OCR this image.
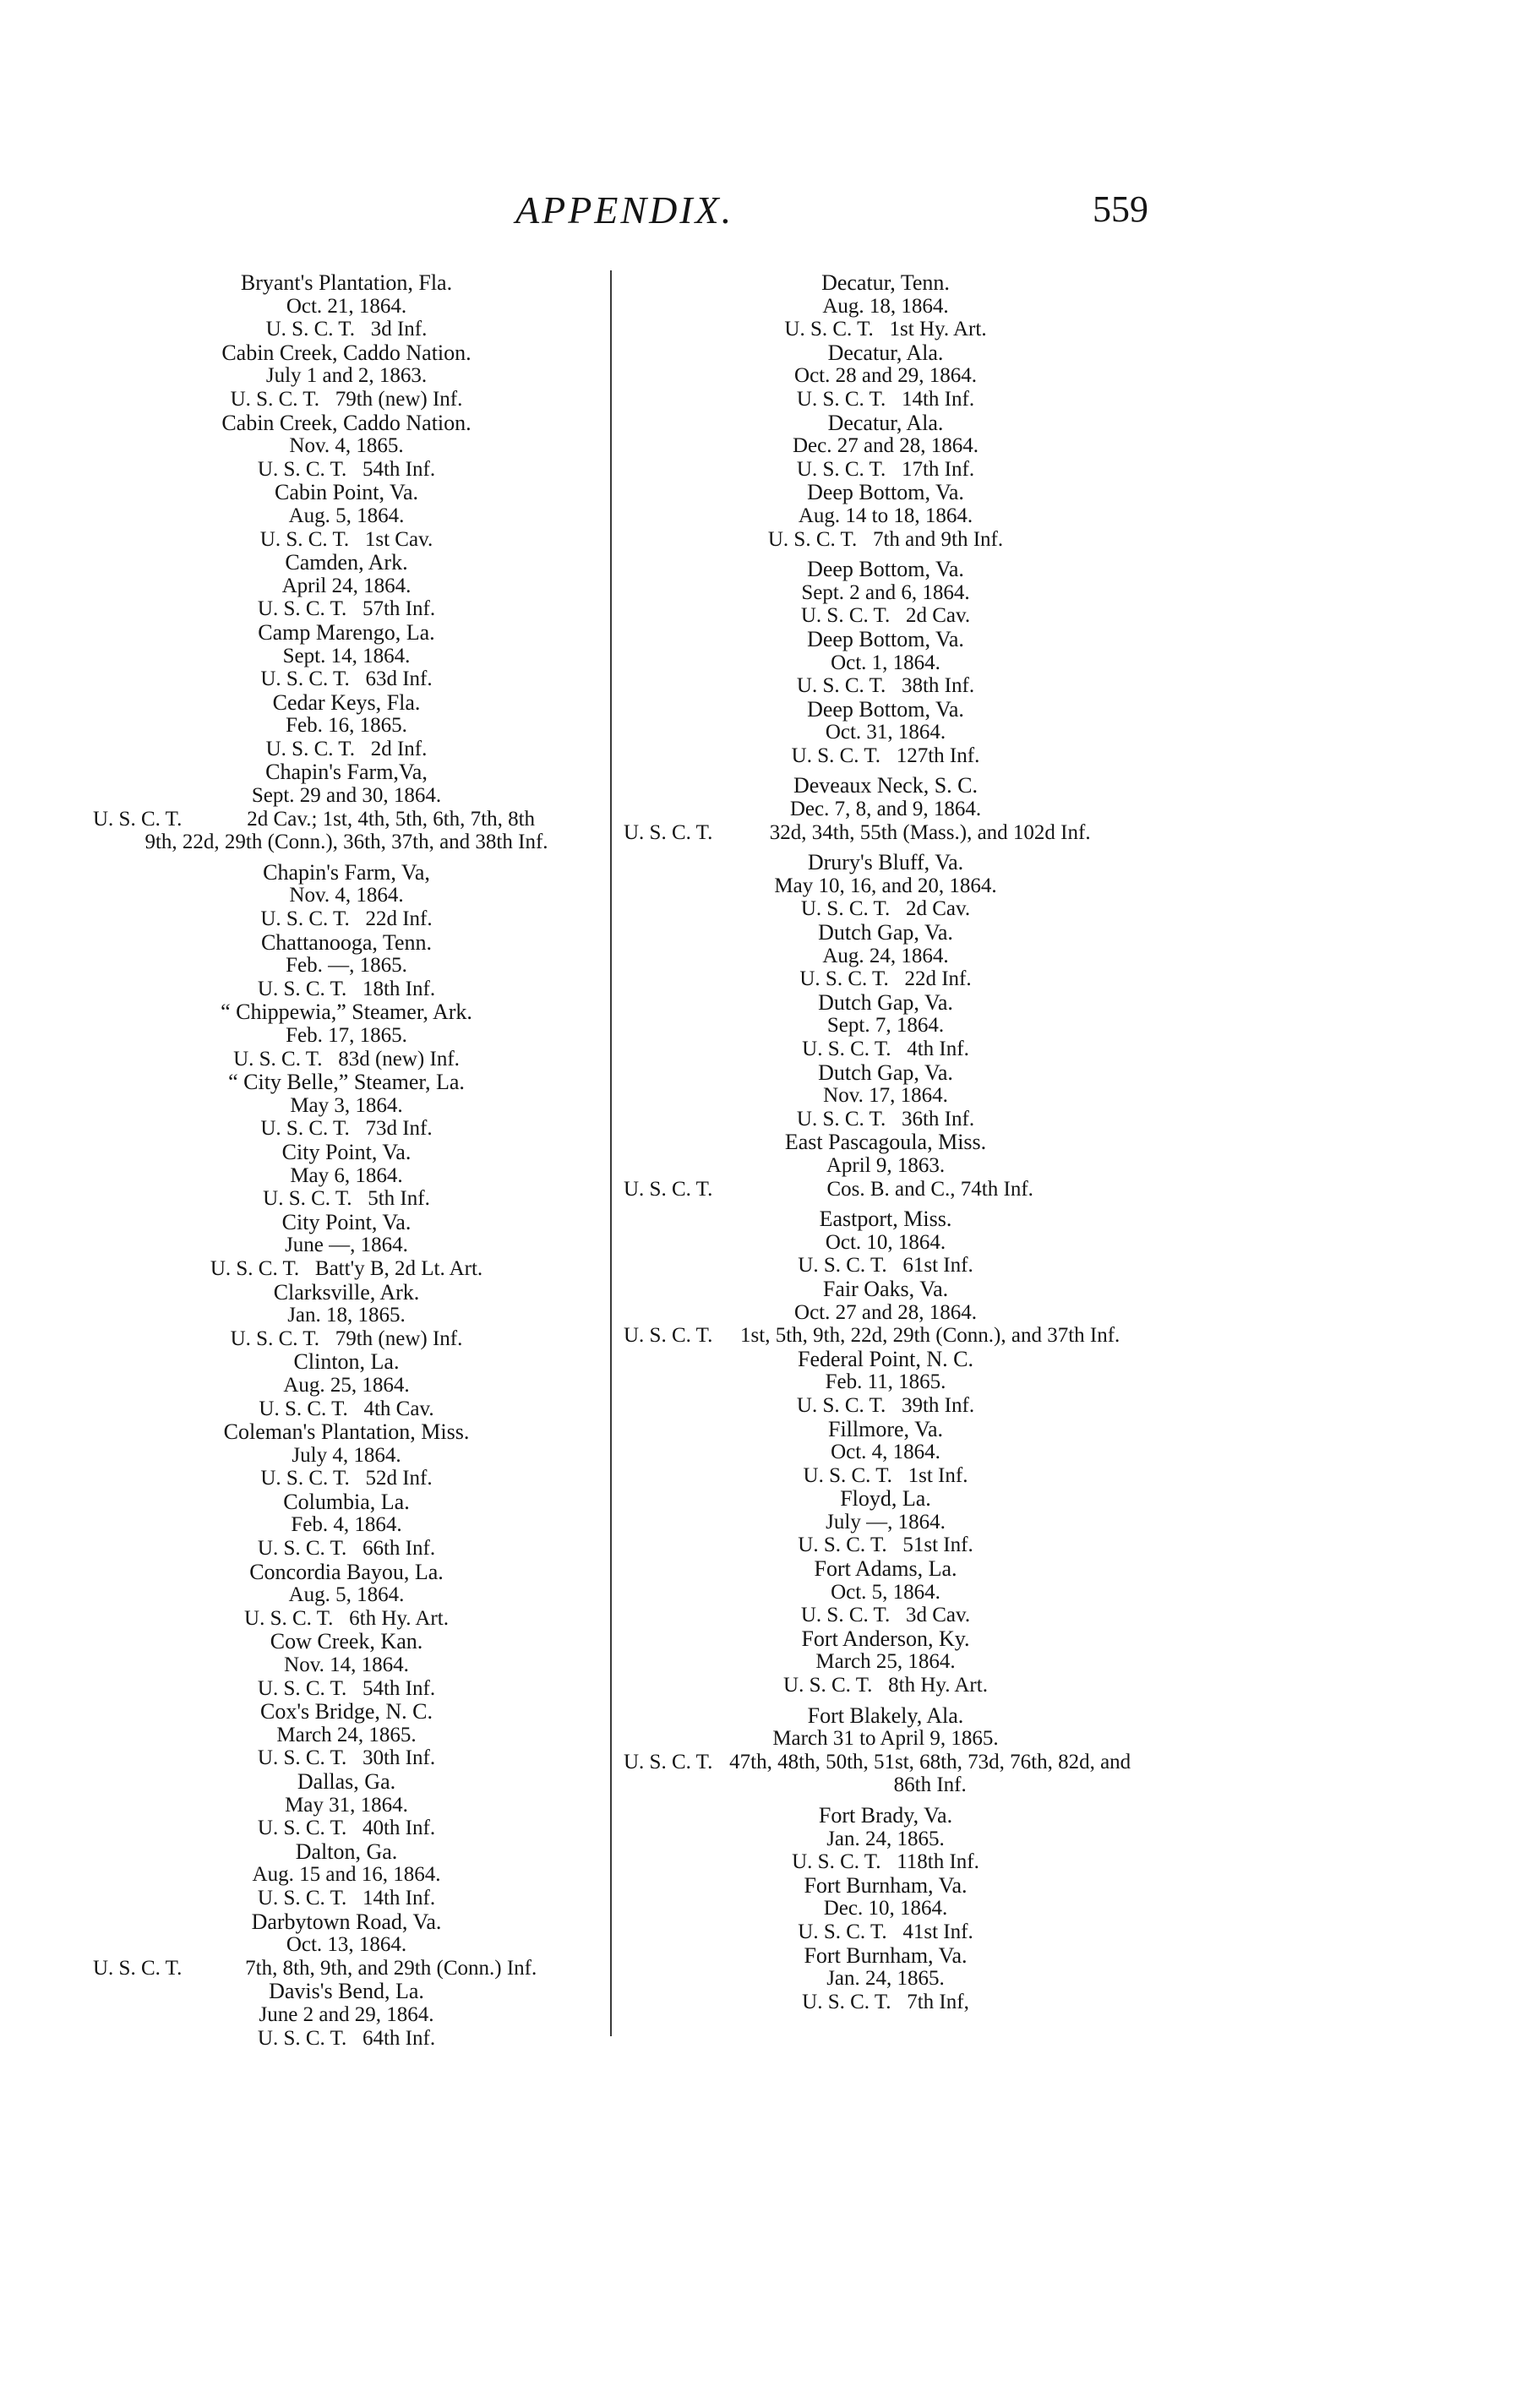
APPENDIX.	559
Bryant's Plantation, Fla.
Oct. 21, 1864.
U. S. C. T.   3d Inf.
Cabin Creek, Caddo Nation.
July 1 and 2, 1863.
U. S. C. T.   79th (new) Inf.
Cabin Creek, Caddo Nation.
Nov. 4, 1865.
U. S. C. T.   54th Inf.
Cabin Point, Va.
Aug. 5, 1864.
U. S. C. T.   1st Cav.
Camden, Ark.
April 24, 1864.
U. S. C. T.   57th Inf.
Camp Marengo, La.
Sept. 14, 1864.
U. S. C. T.   63d Inf.
Cedar Keys, Fla.
Feb. 16, 1865.
U. S. C. T.   2d Inf.
Chapin's Farm,Va,
Sept. 29 and 30, 1864.
U. S. C. T.	2d Cav.; 1st, 4th, 5th, 6th, 7th, 8th
9th, 22d, 29th (Conn.), 36th, 37th, and 38th Inf.
Chapin's Farm, Va,
Nov. 4, 1864.
U. S. C. T.   22d Inf.
Chattanooga, Tenn.
Feb. —, 1865.
U. S. C. T.   18th Inf.
“ Chippewia,” Steamer, Ark.
Feb. 17, 1865.
U. S. C. T.   83d (new) Inf.
“ City Belle,” Steamer, La.
May 3, 1864.
U. S. C. T.   73d Inf.
City Point, Va.
May 6, 1864.
U. S. C. T.   5th Inf.
City Point, Va.
June —, 1864.
U. S. C. T.   Batt'y B, 2d Lt. Art.
Clarksville, Ark.
Jan. 18, 1865.
U. S. C. T.   79th (new) Inf.
Clinton, La.
Aug. 25, 1864.
U. S. C. T.   4th Cav.
Coleman's Plantation, Miss.
July 4, 1864.
U. S. C. T.   52d Inf.
Columbia, La.
Feb. 4, 1864.
U. S. C. T.   66th Inf.
Concordia Bayou, La.
Aug. 5, 1864.
U. S. C. T.   6th Hy. Art.
Cow Creek, Kan.
Nov. 14, 1864.
U. S. C. T.   54th Inf.
Cox's Bridge, N. C.
March 24, 1865.
U. S. C. T.   30th Inf.
Dallas, Ga.
May 31, 1864.
U. S. C. T.   40th Inf.
Dalton, Ga.
Aug. 15 and 16, 1864.
U. S. C. T.   14th Inf.
Darbytown Road, Va.
Oct. 13, 1864.
U. S. C. T.	7th, 8th, 9th, and 29th (Conn.) Inf.
Davis's Bend, La.
June 2 and 29, 1864.
U. S. C. T.   64th Inf.
Decatur, Tenn.
Aug. 18, 1864.
U. S. C. T.   1st Hy. Art.
Decatur, Ala.
Oct. 28 and 29, 1864.
U. S. C. T.   14th Inf.
Decatur, Ala.
Dec. 27 and 28, 1864.
U. S. C. T.   17th Inf.
Deep Bottom, Va.
Aug. 14 to 18, 1864.
U. S. C. T.   7th and 9th Inf.
Deep Bottom, Va.
Sept. 2 and 6, 1864.
U. S. C. T.   2d Cav.
Deep Bottom, Va.
Oct. 1, 1864.
U. S. C. T.   38th Inf.
Deep Bottom, Va.
Oct. 31, 1864.
U. S. C. T.   127th Inf.
Deveaux Neck, S. C.
Dec. 7, 8, and 9, 1864.
U. S. C. T.	32d, 34th, 55th (Mass.), and 102d Inf.
Drury's Bluff, Va.
May 10, 16, and 20, 1864.
U. S. C. T.   2d Cav.
Dutch Gap, Va.
Aug. 24, 1864.
U. S. C. T.   22d Inf.
Dutch Gap, Va.
Sept. 7, 1864.
U. S. C. T.   4th Inf.
Dutch Gap, Va.
Nov. 17, 1864.
U. S. C. T.   36th Inf.
East Pascagoula, Miss.
April 9, 1863.
U. S. C. T.	Cos. B. and C., 74th Inf.
Eastport, Miss.
Oct. 10, 1864.
U. S. C. T.   61st Inf.
Fair Oaks, Va.
Oct. 27 and 28, 1864.
U. S. C. T.	1st, 5th, 9th, 22d, 29th (Conn.), and 37th Inf.
Federal Point, N. C.
Feb. 11, 1865.
U. S. C. T.   39th Inf.
Fillmore, Va.
Oct. 4, 1864.
U. S. C. T.   1st Inf.
Floyd, La.
July —, 1864.
U. S. C. T.   51st Inf.
Fort Adams, La.
Oct. 5, 1864.
U. S. C. T.   3d Cav.
Fort Anderson, Ky.
March 25, 1864.
U. S. C. T.   8th Hy. Art.
Fort Blakely, Ala.
March 31 to April 9, 1865.
U. S. C. T. 47th, 48th, 50th, 51st, 68th, 73d, 76th, 82d, and 86th Inf.
Fort Brady, Va.
Jan. 24, 1865.
U. S. C. T.   118th Inf.
Fort Burnham, Va.
Dec. 10, 1864.
U. S. C. T.   41st Inf.
Fort Burnham, Va.
Jan. 24, 1865.
U. S. C. T.   7th Inf,
